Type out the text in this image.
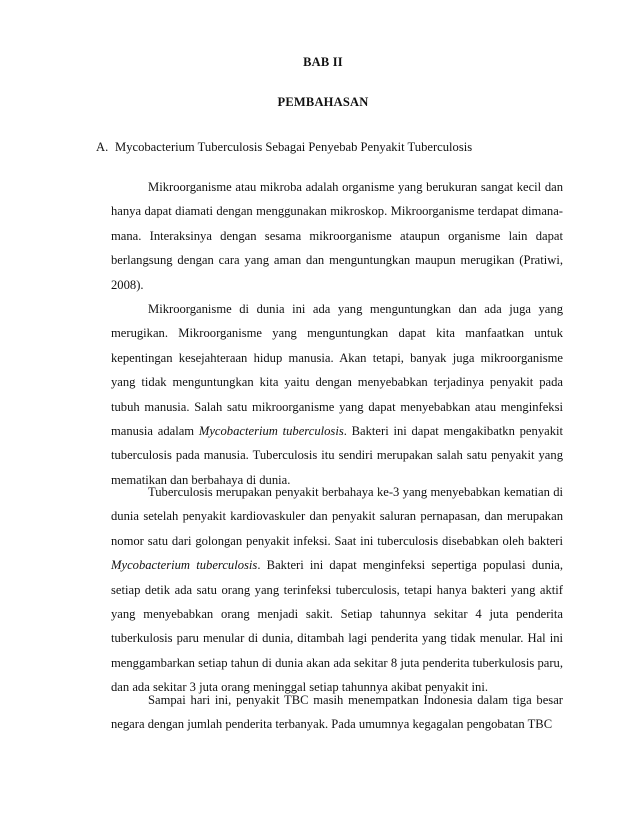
BAB II
PEMBAHASAN
A. Mycobacterium Tuberculosis Sebagai Penyebab Penyakit Tuberculosis

Mikroorganisme atau mikroba adalah organisme yang berukuran sangat kecil dan hanya dapat diamati dengan menggunakan mikroskop. Mikroorganisme terdapat dimana-mana. Interaksinya dengan sesama mikroorganisme ataupun organisme lain dapat berlangsung dengan cara yang aman dan menguntungkan maupun merugikan (Pratiwi, 2008).

Mikroorganisme di dunia ini ada yang menguntungkan dan ada juga yang merugikan. Mikroorganisme yang menguntungkan dapat kita manfaatkan untuk kepentingan kesejahteraan hidup manusia. Akan tetapi, banyak juga mikroorganisme yang tidak menguntungkan kita yaitu dengan menyebabkan terjadinya penyakit pada tubuh manusia. Salah satu mikroorganisme yang dapat menyebabkan atau menginfeksi manusia adalam Mycobacterium tuberculosis. Bakteri ini dapat mengakibatkn penyakit tuberculosis pada manusia. Tuberculosis itu sendiri merupakan salah satu penyakit yang mematikan dan berbahaya di dunia.

Tuberculosis merupakan penyakit berbahaya ke-3 yang menyebabkan kematian di dunia setelah penyakit kardiovaskuler dan penyakit saluran pernapasan, dan merupakan nomor satu dari golongan penyakit infeksi. Saat ini tuberculosis disebabkan oleh bakteri Mycobacterium tuberculosis. Bakteri ini dapat menginfeksi sepertiga populasi dunia, setiap detik ada satu orang yang terinfeksi tuberculosis, tetapi hanya bakteri yang aktif yang menyebabkan orang menjadi sakit. Setiap tahunnya sekitar 4 juta penderita tuberkulosis paru menular di dunia, ditambah lagi penderita yang tidak menular. Hal ini menggambarkan setiap tahun di dunia akan ada sekitar 8 juta penderita tuberkulosis paru, dan ada sekitar 3 juta orang meninggal setiap tahunnya akibat penyakit ini.

Sampai hari ini, penyakit TBC masih menempatkan Indonesia dalam tiga besar negara dengan jumlah penderita terbanyak. Pada umumnya kegagalan pengobatan TBC
